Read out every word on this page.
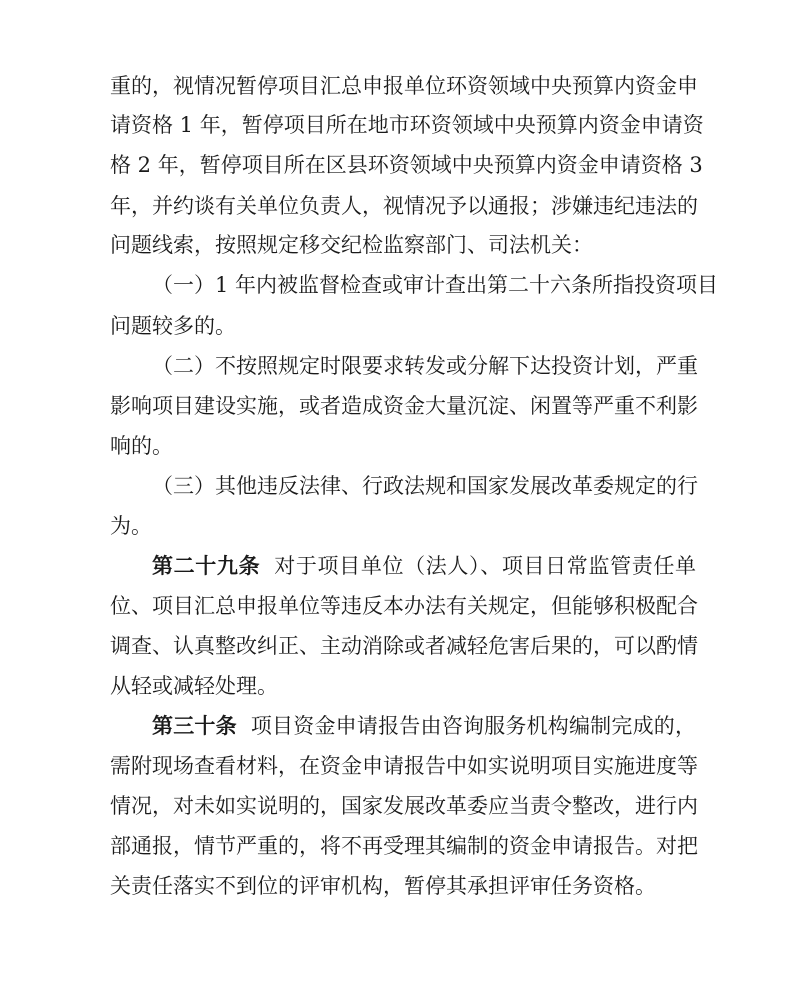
重的，视情况暂停项目汇总申报单位环资领域中央预算内资金申
请资格 1 年，暂停项目所在地市环资领域中央预算内资金申请资
格 2 年，暂停项目所在区县环资领域中央预算内资金申请资格 3
年，并约谈有关单位负责人，视情况予以通报；涉嫌违纪违法的
问题线索，按照规定移交纪检监察部门、司法机关：
（一）1 年内被监督检查或审计查出第二十六条所指投资项目
问题较多的。
（二）不按照规定时限要求转发或分解下达投资计划，严重
影响项目建设实施，或者造成资金大量沉淀、闲置等严重不利影
响的。
（三）其他违反法律、行政法规和国家发展改革委规定的行
为。
第二十九条 对于项目单位（法人）、项目日常监管责任单
位、项目汇总申报单位等违反本办法有关规定，但能够积极配合
调查、认真整改纠正、主动消除或者减轻危害后果的，可以酌情
从轻或减轻处理。
第三十条 项目资金申请报告由咨询服务机构编制完成的，
需附现场查看材料，在资金申请报告中如实说明项目实施进度等
情况，对未如实说明的，国家发展改革委应当责令整改，进行内
部通报，情节严重的，将不再受理其编制的资金申请报告。对把
关责任落实不到位的评审机构，暂停其承担评审任务资格。
